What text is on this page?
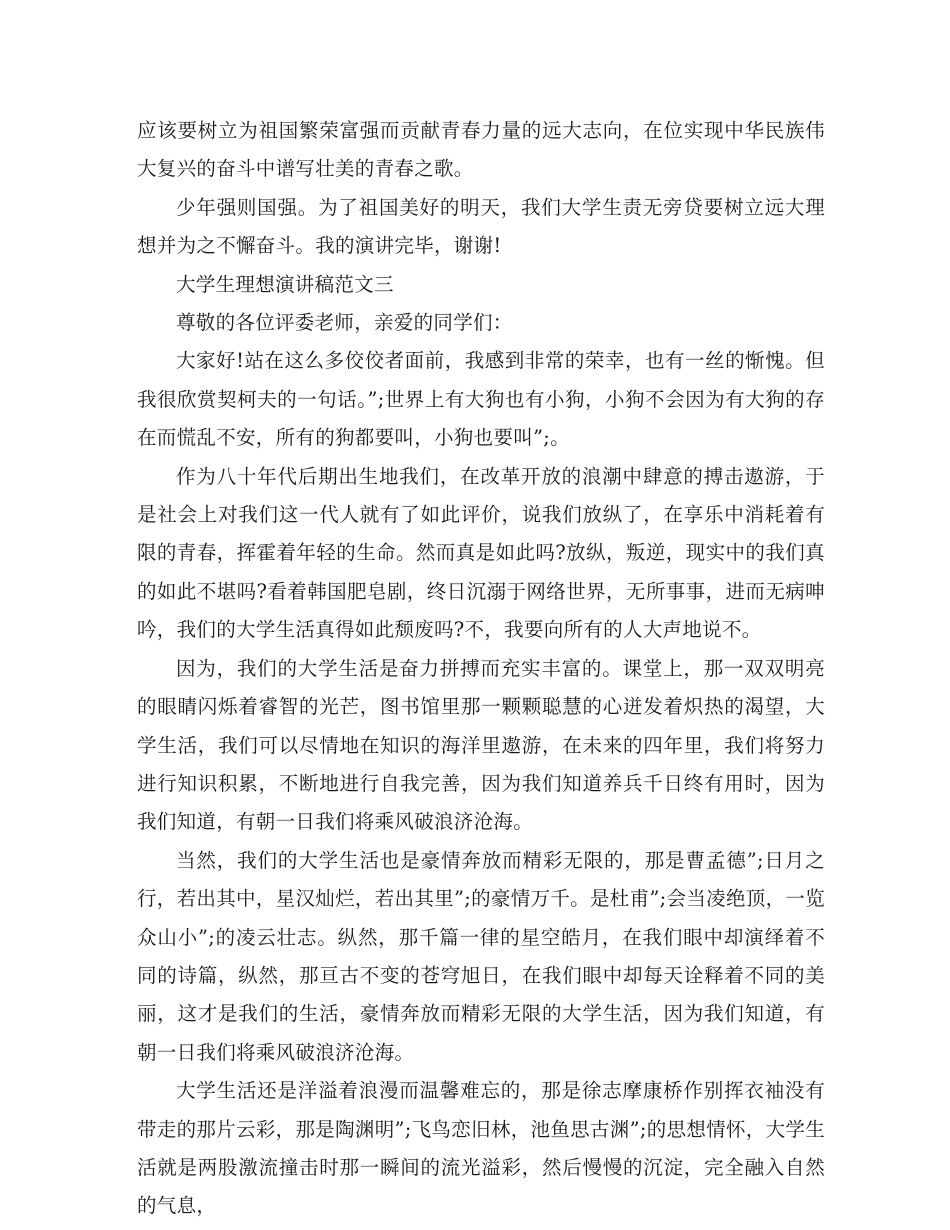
应该要树立为祖国繁荣富强而贡献青春力量的远大志向，在位实现中华民族伟大复兴的奋斗中谱写壮美的青春之歌。

少年强则国强。为了祖国美好的明天，我们大学生责无旁贷要树立远大理想并为之不懈奋斗。我的演讲完毕，谢谢!

大学生理想演讲稿范文三

尊敬的各位评委老师，亲爱的同学们：

大家好!站在这么多佼佼者面前，我感到非常的荣幸，也有一丝的惭愧。但我很欣赏契柯夫的一句话。”;世界上有大狗也有小狗，小狗不会因为有大狗的存在而慌乱不安，所有的狗都要叫，小狗也要叫”;。

作为八十年代后期出生地我们，在改革开放的浪潮中肆意的搏击遨游，于是社会上对我们这一代人就有了如此评价，说我们放纵了，在享乐中消耗着有限的青春，挥霍着年轻的生命。然而真是如此吗?放纵，叛逆，现实中的我们真的如此不堪吗?看着韩国肥皂剧，终日沉溺于网络世界，无所事事，进而无病呻吟，我们的大学生活真得如此颓废吗?不，我要向所有的人大声地说不。

因为，我们的大学生活是奋力拼搏而充实丰富的。课堂上，那一双双明亮的眼睛闪烁着睿智的光芒，图书馆里那一颗颗聪慧的心迸发着炽热的渴望，大学生活，我们可以尽情地在知识的海洋里遨游，在未来的四年里，我们将努力进行知识积累，不断地进行自我完善，因为我们知道养兵千日终有用时，因为我们知道，有朝一日我们将乘风破浪济沧海。

当然，我们的大学生活也是豪情奔放而精彩无限的，那是曹孟德”;日月之行，若出其中，星汉灿烂，若出其里”;的豪情万千。是杜甫”;会当凌绝顶，一览众山小”;的凌云壮志。纵然，那千篇一律的星空皓月，在我们眼中却演绎着不同的诗篇，纵然，那亘古不变的苍穹旭日，在我们眼中却每天诠释着不同的美丽，这才是我们的生活，豪情奔放而精彩无限的大学生活，因为我们知道，有朝一日我们将乘风破浪济沧海。

大学生活还是洋溢着浪漫而温馨难忘的，那是徐志摩康桥作别挥衣袖没有带走的那片云彩，那是陶渊明”;飞鸟恋旧林，池鱼思古渊”;的思想情怀，大学生活就是两股激流撞击时那一瞬间的流光溢彩，然后慢慢的沉淀，完全融入自然的气息，
